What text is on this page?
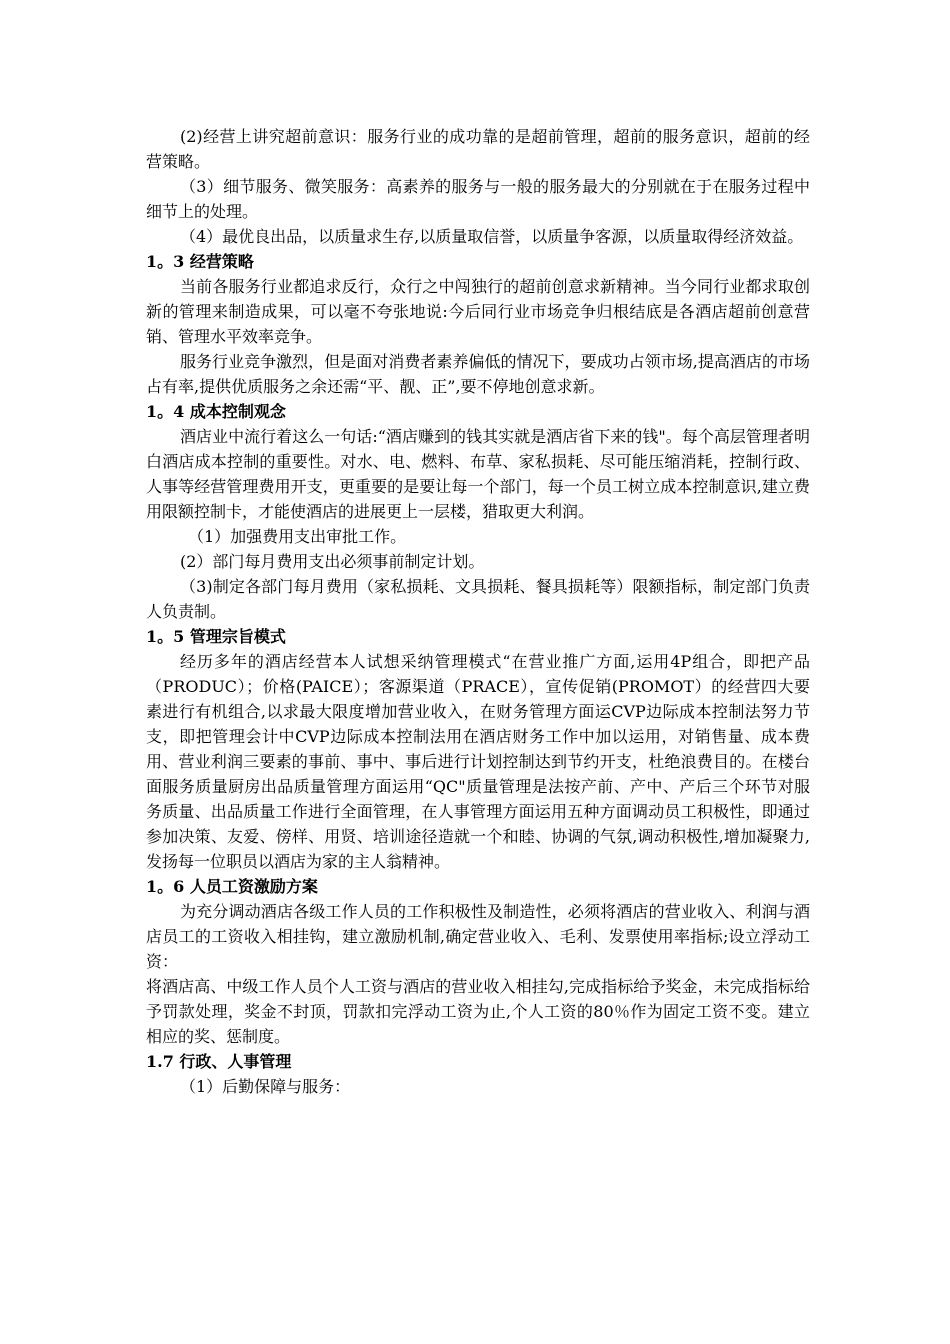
(2)经营上讲究超前意识：服务行业的成功靠的是超前管理，超前的服务意识，超前的经营策略。

（3）细节服务、微笑服务：高素养的服务与一般的服务最大的分别就在于在服务过程中细节上的处理。

（4）最优良出品，以质量求生存,以质量取信誉，以质量争客源，以质量取得经济效益。

1。3 经营策略

当前各服务行业都追求反行，众行之中闯独行的超前创意求新精神。当今同行业都求取创新的管理来制造成果，可以毫不夸张地说:今后同行业市场竞争归根结底是各酒店超前创意营销、管理水平效率竞争。

服务行业竞争激烈，但是面对消费者素养偏低的情况下，要成功占领市场,提高酒店的市场占有率,提供优质服务之余还需“平、靓、正”,要不停地创意求新。

1。4 成本控制观念

酒店业中流行着这么一句话:“酒店赚到的钱其实就是酒店省下来的钱"。每个高层管理者明白酒店成本控制的重要性。对水、电、燃料、布草、家私损耗、尽可能压缩消耗，控制行政、人事等经营管理费用开支，更重要的是要让每一个部门，每一个员工树立成本控制意识,建立费用限额控制卡，才能使酒店的进展更上一层楼，猎取更大利润。

（1）加强费用支出审批工作。

(2）部门每月费用支出必须事前制定计划。

（3)制定各部门每月费用（家私损耗、文具损耗、餐具损耗等）限额指标，制定部门负责人负责制。

1。5 管理宗旨模式

经历多年的酒店经营本人试想采纳管理模式“在营业推广方面,运用4P组合，即把产品（PRODUC）；价格(PAICE）；客源渠道（PRACE），宣传促销(PROMOT）的经营四大要素进行有机组合,以求最大限度增加营业收入，在财务管理方面运CVP边际成本控制法努力节支，即把管理会计中CVP边际成本控制法用在酒店财务工作中加以运用，对销售量、成本费用、营业利润三要素的事前、事中、事后进行计划控制达到节约开支，杜绝浪费目的。在楼台面服务质量厨房出品质量管理方面运用“QC"质量管理是法按产前、产中、产后三个环节对服务质量、出品质量工作进行全面管理，在人事管理方面运用五种方面调动员工积极性，即通过参加决策、友爱、傍样、用贤、培训途径造就一个和睦、协调的气氛,调动积极性,增加凝聚力,发扬每一位职员以酒店为家的主人翁精神。

1。6 人员工资激励方案

为充分调动酒店各级工作人员的工作积极性及制造性，必须将酒店的营业收入、利润与酒店员工的工资收入相挂钩，建立激励机制,确定营业收入、毛利、发票使用率指标;设立浮动工资：

将酒店高、中级工作人员个人工资与酒店的营业收入相挂勾,完成指标给予奖金，未完成指标给予罚款处理，奖金不封顶，罚款扣完浮动工资为止,个人工资的80％作为固定工资不变。建立相应的奖、惩制度。

1.7 行政、人事管理

（1）后勤保障与服务：
